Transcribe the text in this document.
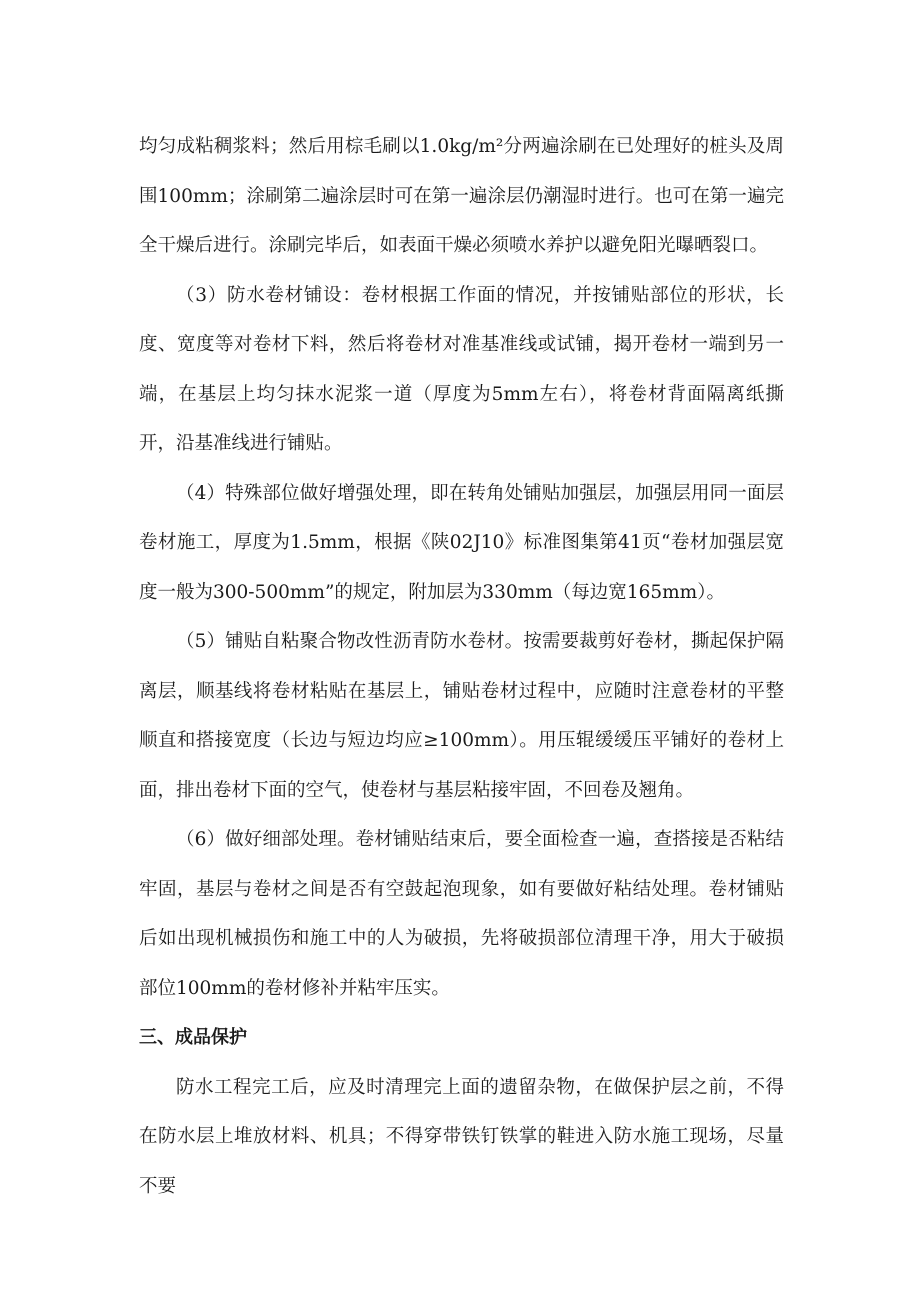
均匀成粘稠浆料；然后用棕毛刷以1.0kg/m²分两遍涂刷在已处理好的桩头及周围100mm；涂刷第二遍涂层时可在第一遍涂层仍潮湿时进行。也可在第一遍完全干燥后进行。涂刷完毕后，如表面干燥必须喷水养护以避免阳光曝晒裂口。

（3）防水卷材铺设：卷材根据工作面的情况，并按铺贴部位的形状，长度、宽度等对卷材下料，然后将卷材对准基准线或试铺，揭开卷材一端到另一端，在基层上均匀抹水泥浆一道（厚度为5mm左右），将卷材背面隔离纸撕开，沿基准线进行铺贴。

（4）特殊部位做好增强处理，即在转角处铺贴加强层，加强层用同一面层卷材施工，厚度为1.5mm，根据《陕02J10》标准图集第41页“卷材加强层宽度一般为300-500mm”的规定，附加层为330mm（每边宽165mm）。

（5）铺贴自粘聚合物改性沥青防水卷材。按需要裁剪好卷材，撕起保护隔离层，顺基线将卷材粘贴在基层上，铺贴卷材过程中，应随时注意卷材的平整顺直和搭接宽度（长边与短边均应≥100mm）。用压辊缓缓压平铺好的卷材上面，排出卷材下面的空气，使卷材与基层粘接牢固，不回卷及翘角。

（6）做好细部处理。卷材铺贴结束后，要全面检查一遍，查搭接是否粘结牢固，基层与卷材之间是否有空鼓起泡现象，如有要做好粘结处理。卷材铺贴后如出现机械损伤和施工中的人为破损，先将破损部位清理干净，用大于破损部位100mm的卷材修补并粘牢压实。

三、成品保护

防水工程完工后，应及时清理完上面的遗留杂物，在做保护层之前，不得在防水层上堆放材料、机具；不得穿带铁钉铁掌的鞋进入防水施工现场，尽量不要
